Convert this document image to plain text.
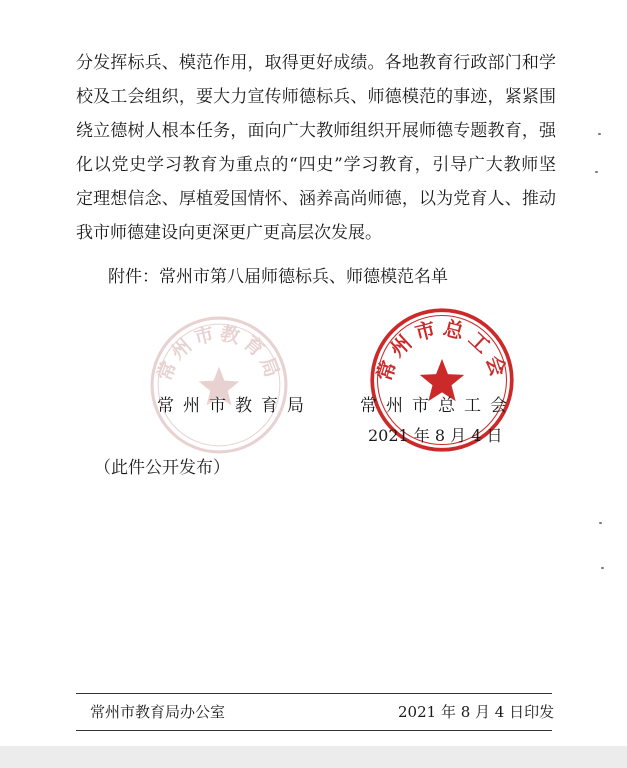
分发挥标兵、模范作用，取得更好成绩。各地教育行政部门和学
校及工会组织，要大力宣传师德标兵、师德模范的事迹，紧紧围
绕立德树人根本任务，面向广大教师组织开展师德专题教育，强
化以党史学习教育为重点的“四史”学习教育，引导广大教师坚
定理想信念、厚植爱国情怀、涵养高尚师德，以为党育人、推动
我市师德建设向更深更广更高层次发展。
附件：常州市第八届师德标兵、师德模范名单
常州市教育局	常州市总工会
常州市教育局	常州市总工会
2021 年 8 月 4 日
（此件公开发布）
常州市教育局办公室	2021 年 8 月 4 日印发
